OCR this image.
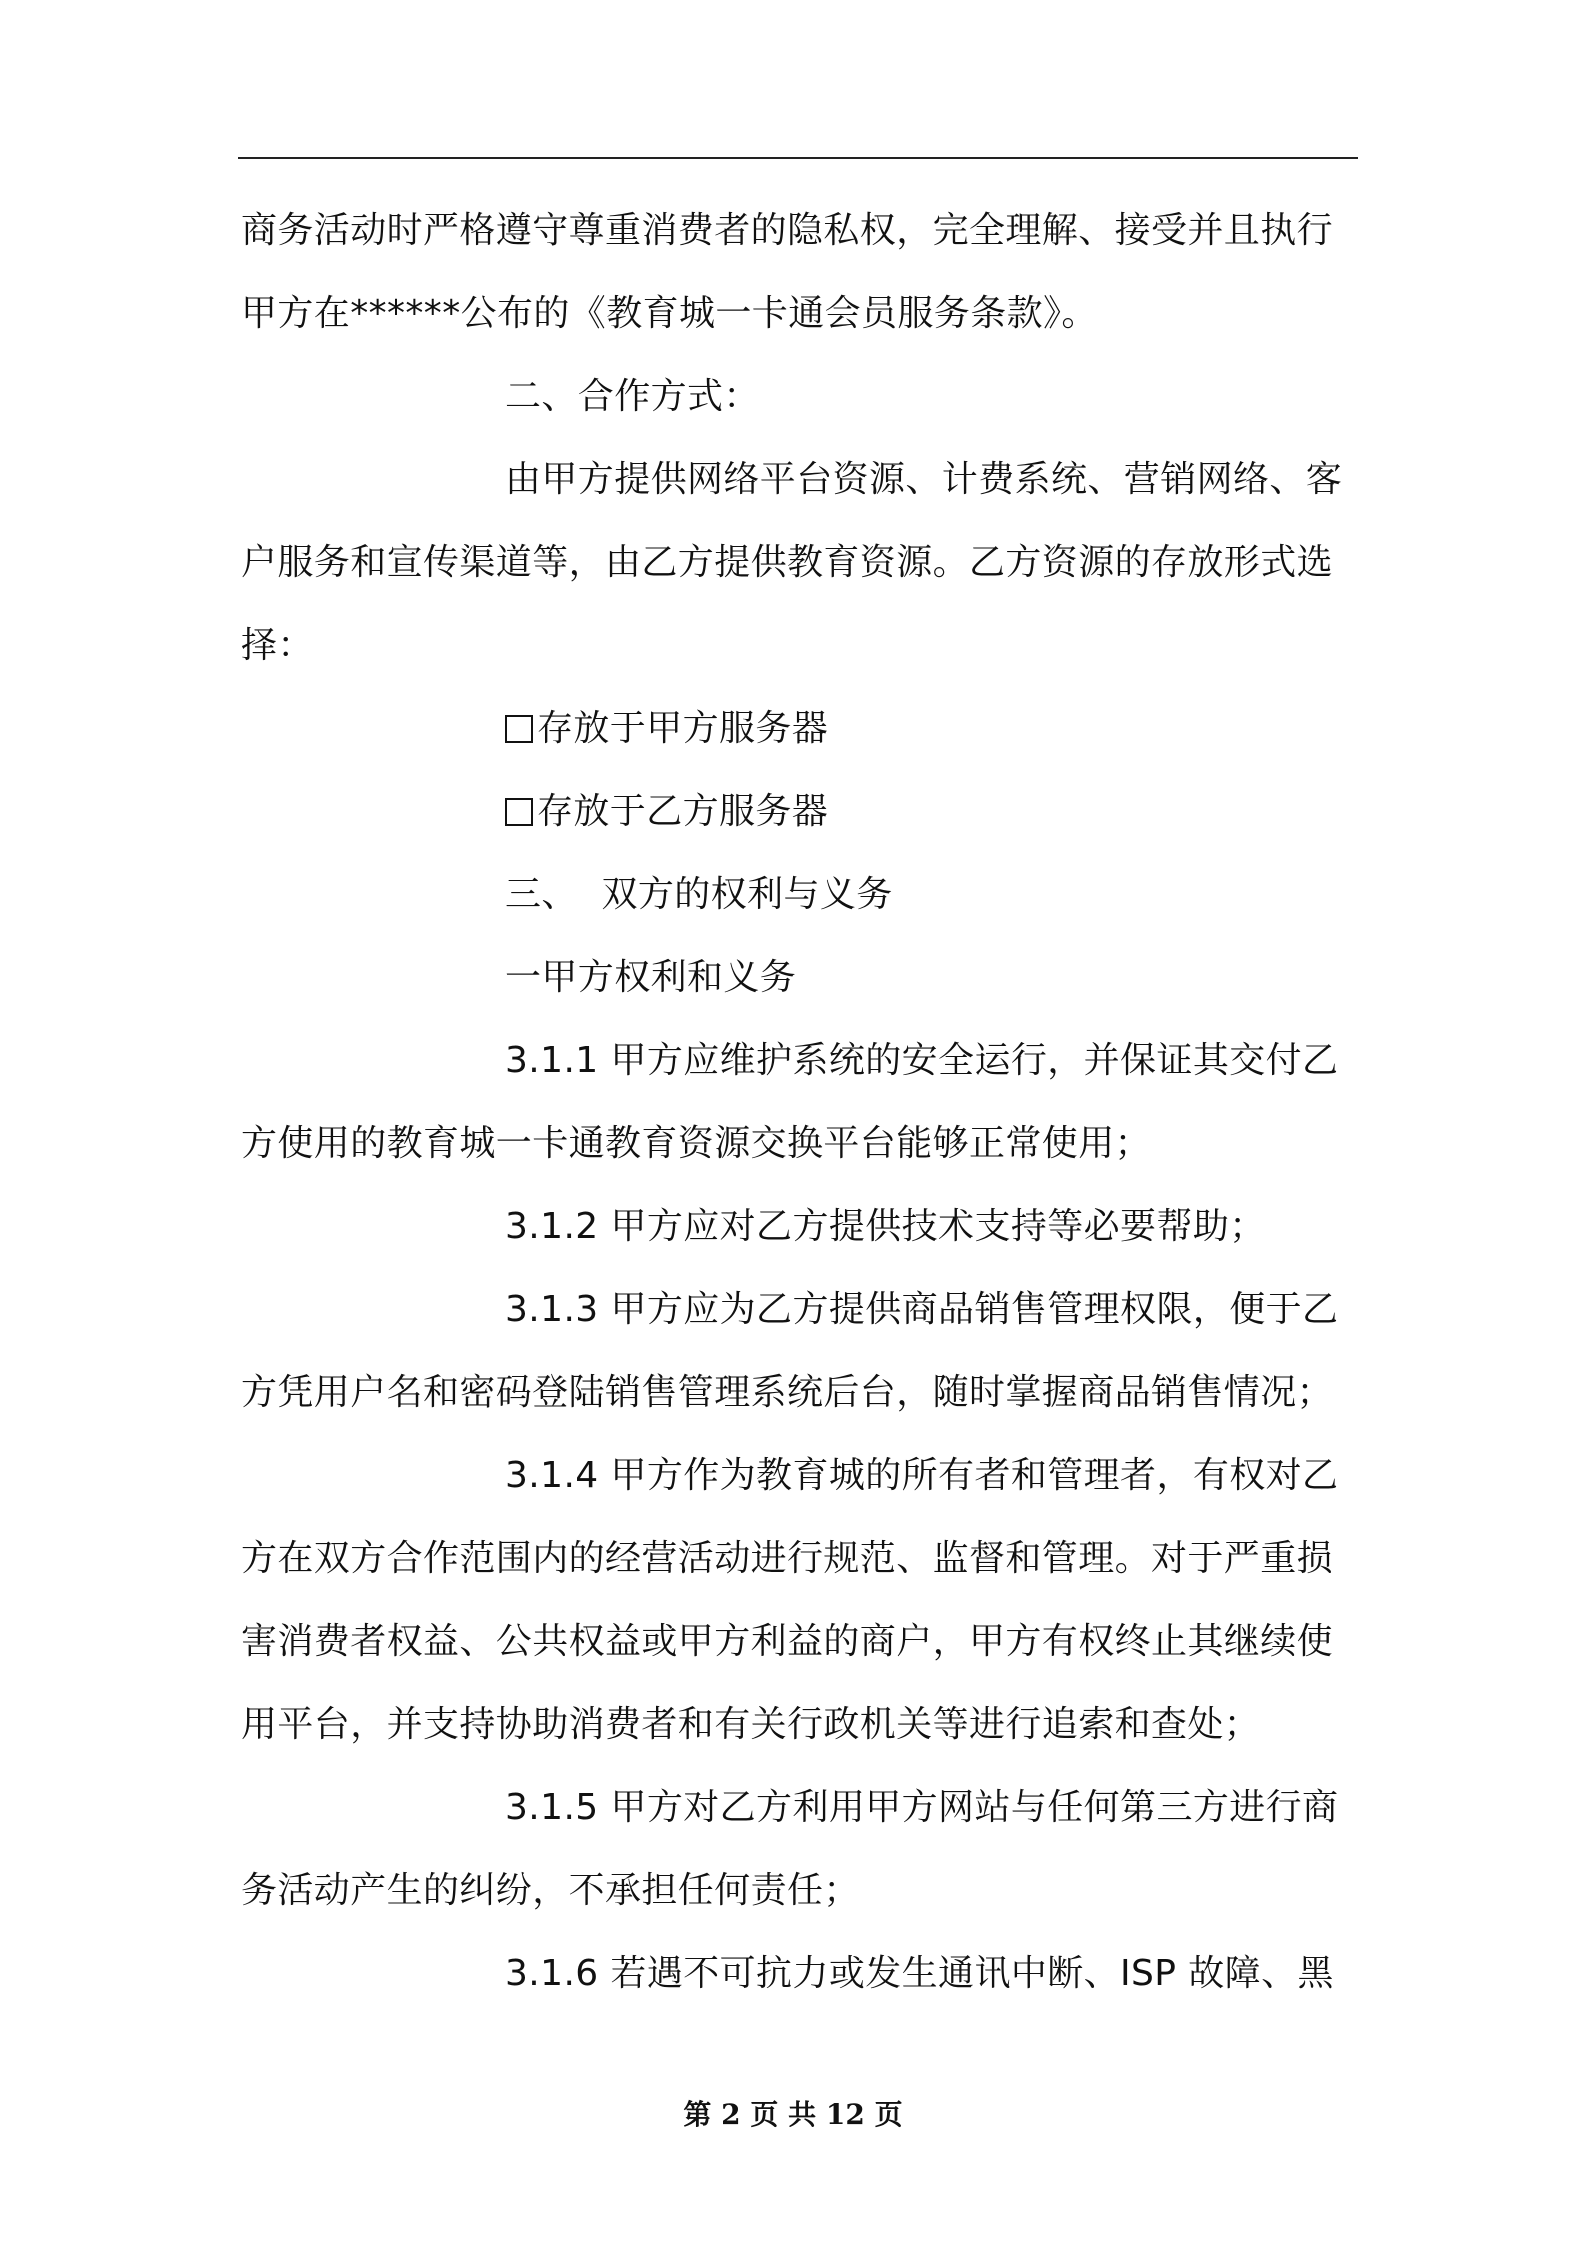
商务活动时严格遵守尊重消费者的隐私权，完全理解、接受并且执行
甲方在******公布的《教育城一卡通会员服务条款》。
二、合作方式：
由甲方提供网络平台资源、计费系统、营销网络、客
户服务和宣传渠道等，由乙方提供教育资源。乙方资源的存放形式选
择：
存放于甲方服务器
存放于乙方服务器
三、  双方的权利与义务
一甲方权利和义务
3.1.1 甲方应维护系统的安全运行，并保证其交付乙
方使用的教育城一卡通教育资源交换平台能够正常使用；
3.1.2 甲方应对乙方提供技术支持等必要帮助；
3.1.3 甲方应为乙方提供商品销售管理权限，便于乙
方凭用户名和密码登陆销售管理系统后台，随时掌握商品销售情况；
3.1.4 甲方作为教育城的所有者和管理者，有权对乙
方在双方合作范围内的经营活动进行规范、监督和管理。对于严重损
害消费者权益、公共权益或甲方利益的商户，甲方有权终止其继续使
用平台，并支持协助消费者和有关行政机关等进行追索和查处；
3.1.5 甲方对乙方利用甲方网站与任何第三方进行商
务活动产生的纠纷，不承担任何责任；
3.1.6 若遇不可抗力或发生通讯中断、ISP 故障、黑
第 2 页 共 12 页
